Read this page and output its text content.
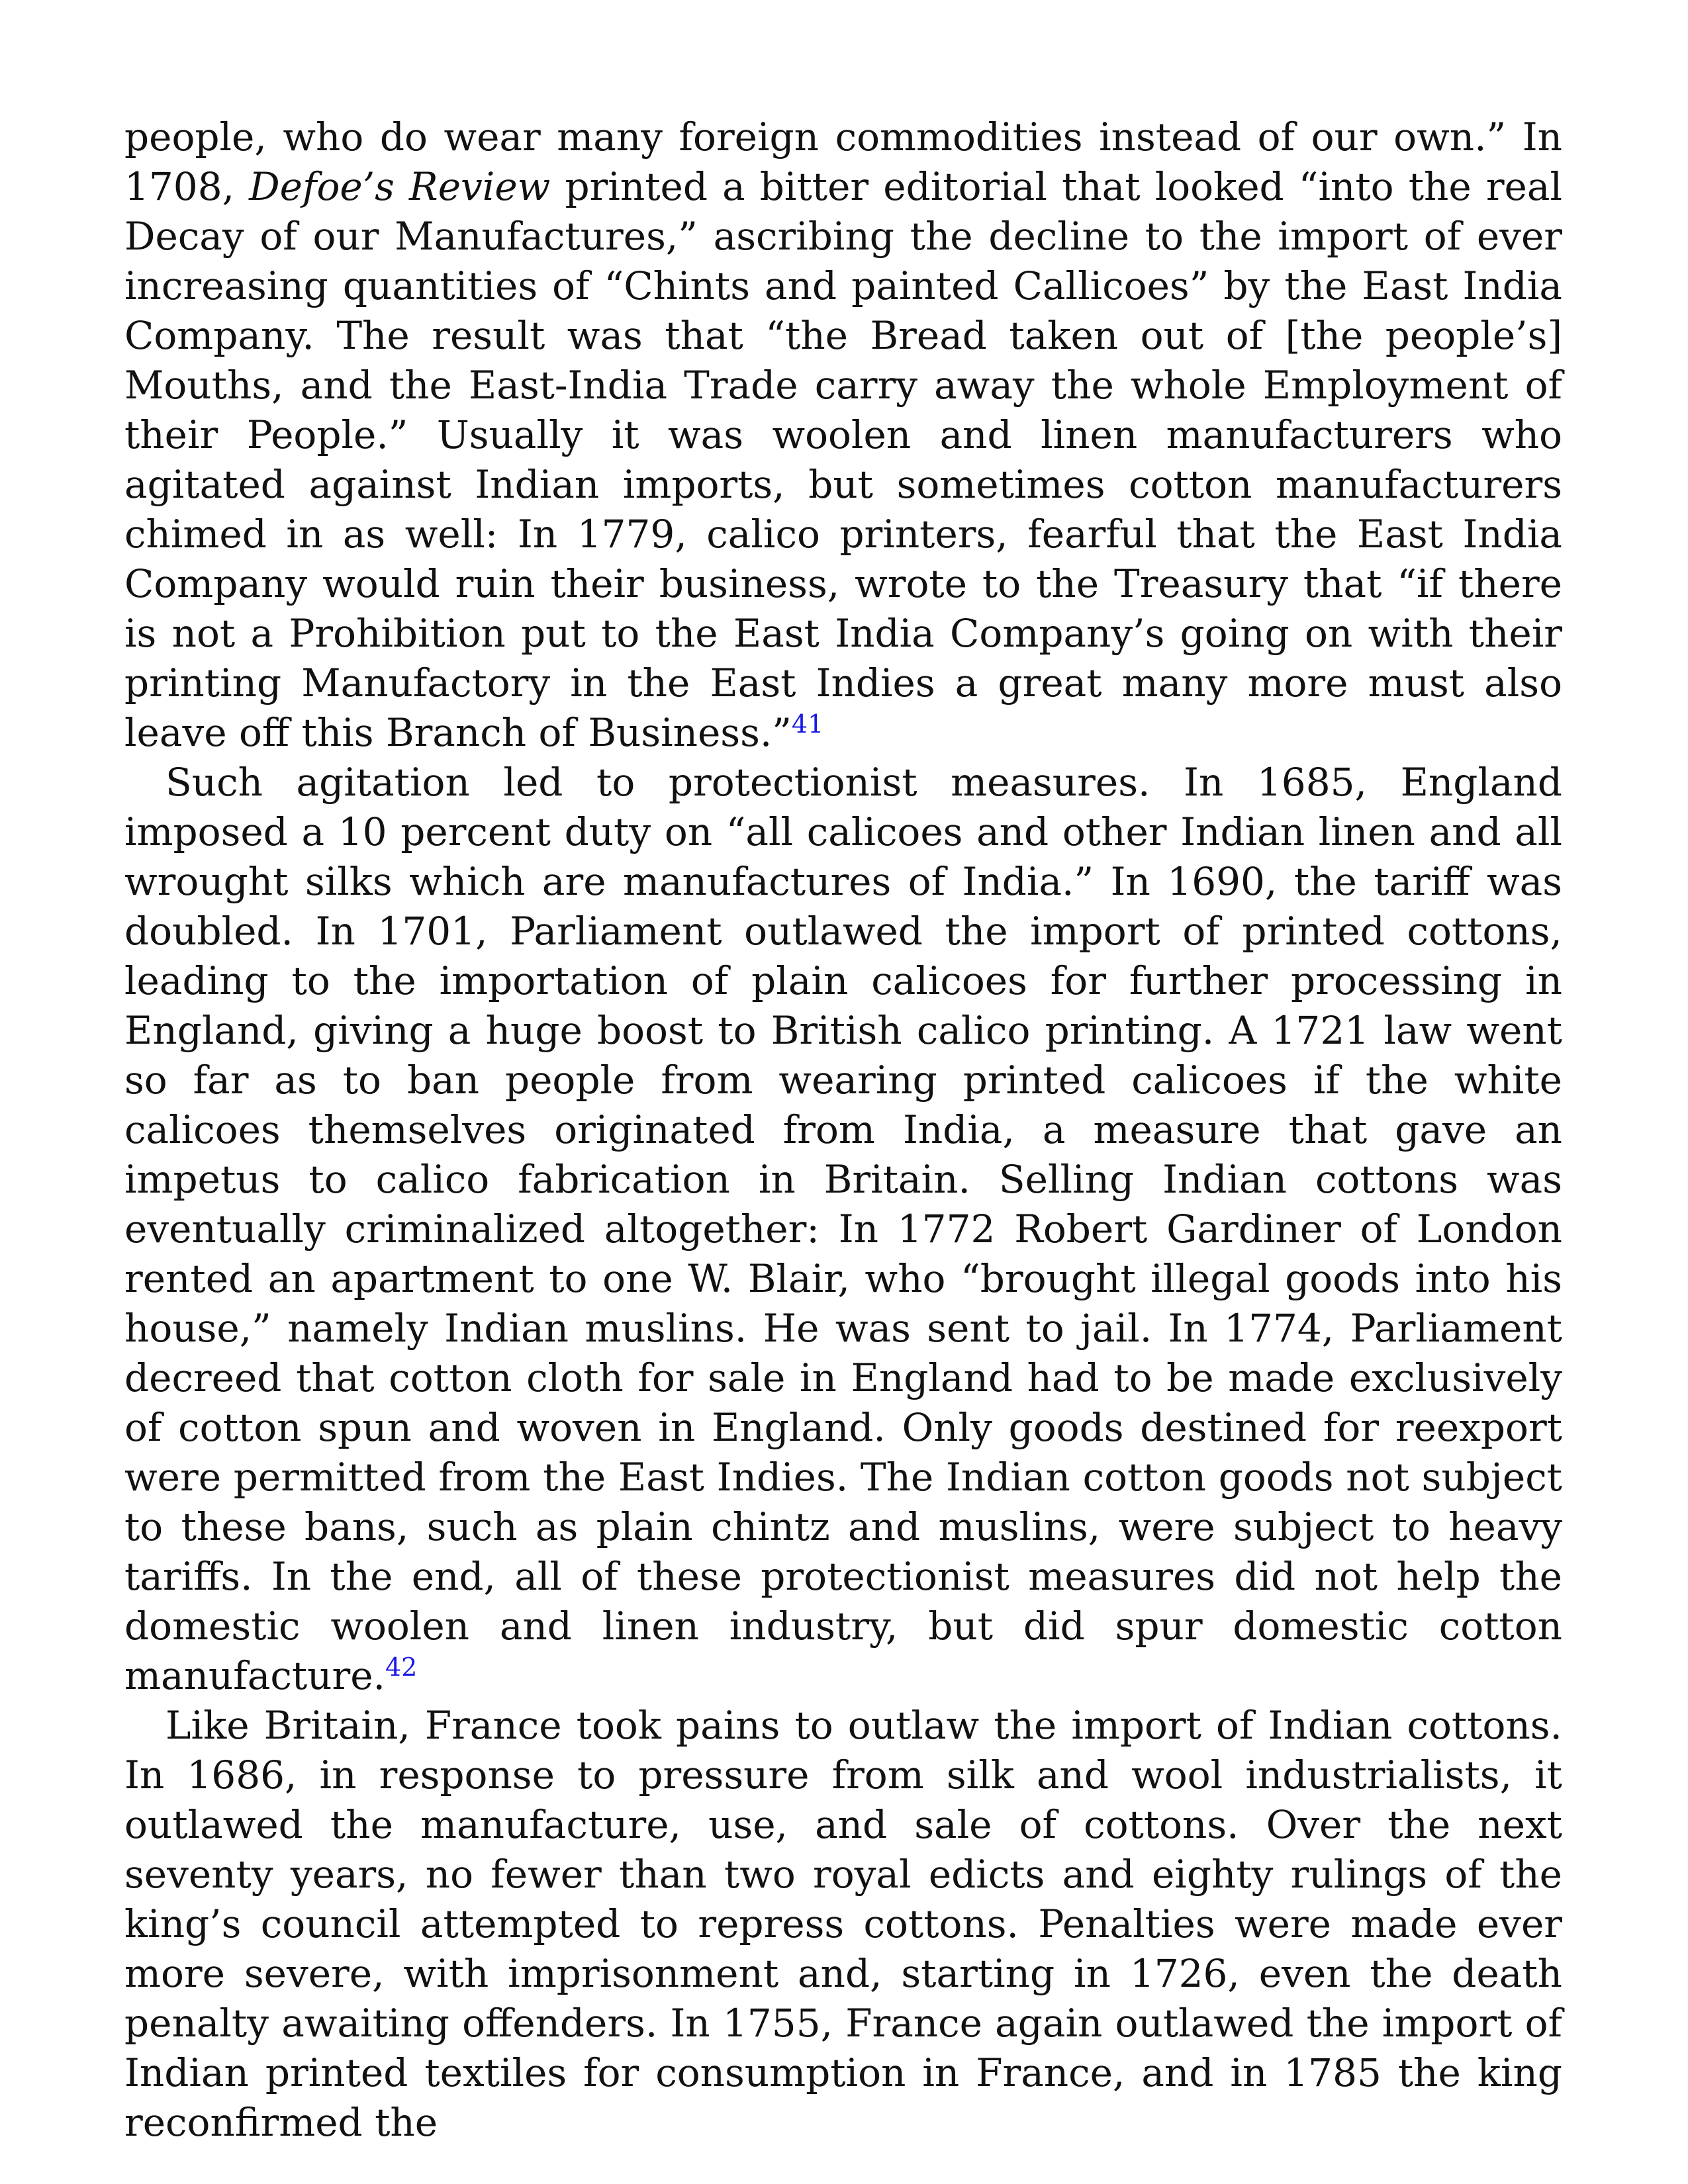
people, who do wear many foreign commodities instead of our own.” In 1708, Defoe’s Review printed a bitter editorial that looked “into the real Decay of our Manufactures,” ascribing the decline to the import of ever increasing quantities of “Chints and painted Callicoes” by the East India Company. The result was that “the Bread taken out of [the people’s] Mouths, and the East-India Trade carry away the whole Employment of their People.” Usually it was woolen and linen manufacturers who agitated against Indian imports, but sometimes cotton manufacturers chimed in as well: In 1779, calico printers, fearful that the East India Company would ruin their business, wrote to the Treasury that “if there is not a Prohibition put to the East India Company’s going on with their printing Manufactory in the East Indies a great many more must also leave off this Branch of Business.”$^{41}$

Such agitation led to protectionist measures. In 1685, England imposed a 10 percent duty on “all calicoes and other Indian linen and all wrought silks which are manufactures of India.” In 1690, the tariff was doubled. In 1701, Parliament outlawed the import of printed cottons, leading to the importation of plain calicoes for further processing in England, giving a huge boost to British calico printing. A 1721 law went so far as to ban people from wearing printed calicoes if the white calicoes themselves originated from India, a measure that gave an impetus to calico fabrication in Britain. Selling Indian cottons was eventually criminalized altogether: In 1772 Robert Gardiner of London rented an apartment to one W. Blair, who “brought illegal goods into his house,” namely Indian muslins. He was sent to jail. In 1774, Parliament decreed that cotton cloth for sale in England had to be made exclusively of cotton spun and woven in England. Only goods destined for reexport were permitted from the East Indies. The Indian cotton goods not subject to these bans, such as plain chintz and muslins, were subject to heavy tariffs. In the end, all of these protectionist measures did not help the domestic woolen and linen industry, but did spur domestic cotton manufacture.$^{42}$

Like Britain, France took pains to outlaw the import of Indian cottons. In 1686, in response to pressure from silk and wool industrialists, it outlawed the manufacture, use, and sale of cottons. Over the next seventy years, no fewer than two royal edicts and eighty rulings of the king’s council attempted to repress cottons. Penalties were made ever more severe, with imprisonment and, starting in 1726, even the death penalty awaiting offenders. In 1755, France again outlawed the import of Indian printed textiles for consumption in France, and in 1785 the king reconfirmed the
